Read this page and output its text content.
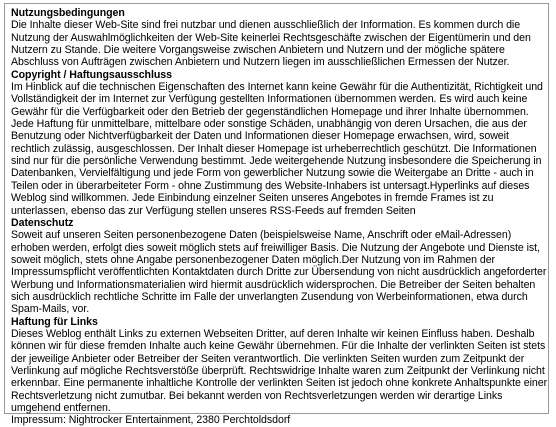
Nutzungsbedingungen
Die Inhalte dieser Web-Site sind frei nutzbar und dienen ausschließlich der Information. Es kommen durch die Nutzung der Auswahlmöglichkeiten der Web-Site keinerlei Rechtsgeschäfte zwischen der Eigentümerin und den Nutzern zu Stande. Die weitere Vorgangsweise zwischen Anbietern und Nutzern und der mögliche spätere Abschluss von Aufträgen zwischen Anbietern und Nutzern liegen im ausschließlichen Ermessen der Nutzer.
Copyright / Haftungsausschluss
Im Hinblick auf die technischen Eigenschaften des Internet kann keine Gewähr für die Authentizität, Richtigkeit und Vollständigkeit der im Internet zur Verfügung gestellten Informationen übernommen werden. Es wird auch keine Gewähr für die Verfügbarkeit oder den Betrieb der gegenständlichen Homepage und ihrer Inhalte übernommen. Jede Haftung für unmittelbare, mittelbare oder sonstige Schäden, unabhängig von deren Ursachen, die aus der Benutzung oder Nichtverfügbarkeit der Daten und Informationen dieser Homepage erwachsen, wird, soweit rechtlich zulässig, ausgeschlossen. Der Inhalt dieser Homepage ist urheberrechtlich geschützt. Die Informationen sind nur für die persönliche Verwendung bestimmt. Jede weitergehende Nutzung insbesondere die Speicherung in Datenbanken, Vervielfältigung und jede Form von gewerblicher Nutzung sowie die Weitergabe an Dritte - auch in Teilen oder in überarbeiteter Form - ohne Zustimmung des Website-Inhabers ist untersagt.Hyperlinks auf dieses Weblog sind willkommen. Jede Einbindung einzelner Seiten unseres Angebotes in fremde Frames ist zu unterlassen, ebenso das zur Verfügung stellen unseres RSS-Feeds auf fremden Seiten
Datenschutz
Soweit auf unseren Seiten personenbezogene Daten (beispielsweise Name, Anschrift oder eMail-Adressen) erhoben werden, erfolgt dies soweit möglich stets auf freiwilliger Basis. Die Nutzung der Angebote und Dienste ist, soweit möglich, stets ohne Angabe personenbezogener Daten möglich.Der Nutzung von im Rahmen der Impressumspflicht veröffentlichten Kontaktdaten durch Dritte zur Übersendung von nicht ausdrücklich angeforderter Werbung und Informationsmaterialien wird hiermit ausdrücklich widersprochen. Die Betreiber der Seiten behalten sich ausdrücklich rechtliche Schritte im Falle der unverlangten Zusendung von Werbeinformationen, etwa durch Spam-Mails, vor.
Haftung für Links
Dieses Weblog enthält Links zu externen Webseiten Dritter, auf deren Inhalte wir keinen Einfluss haben. Deshalb können wir für diese fremden Inhalte auch keine Gewähr übernehmen. Für die Inhalte der verlinkten Seiten ist stets der jeweilige Anbieter oder Betreiber der Seiten verantwortlich. Die verlinkten Seiten wurden zum Zeitpunkt der Verlinkung auf mögliche Rechtsverstöße überprüft. Rechtswidrige Inhalte waren zum Zeitpunkt der Verlinkung nicht erkennbar. Eine permanente inhaltliche Kontrolle der verlinkten Seiten ist jedoch ohne konkrete Anhaltspunkte einer Rechtsverletzung nicht zumutbar. Bei bekannt werden von Rechtsverletzungen werden wir derartige Links umgehend entfernen.
Impressum: Nightrocker Entertainment, 2380 Perchtoldsdorf
